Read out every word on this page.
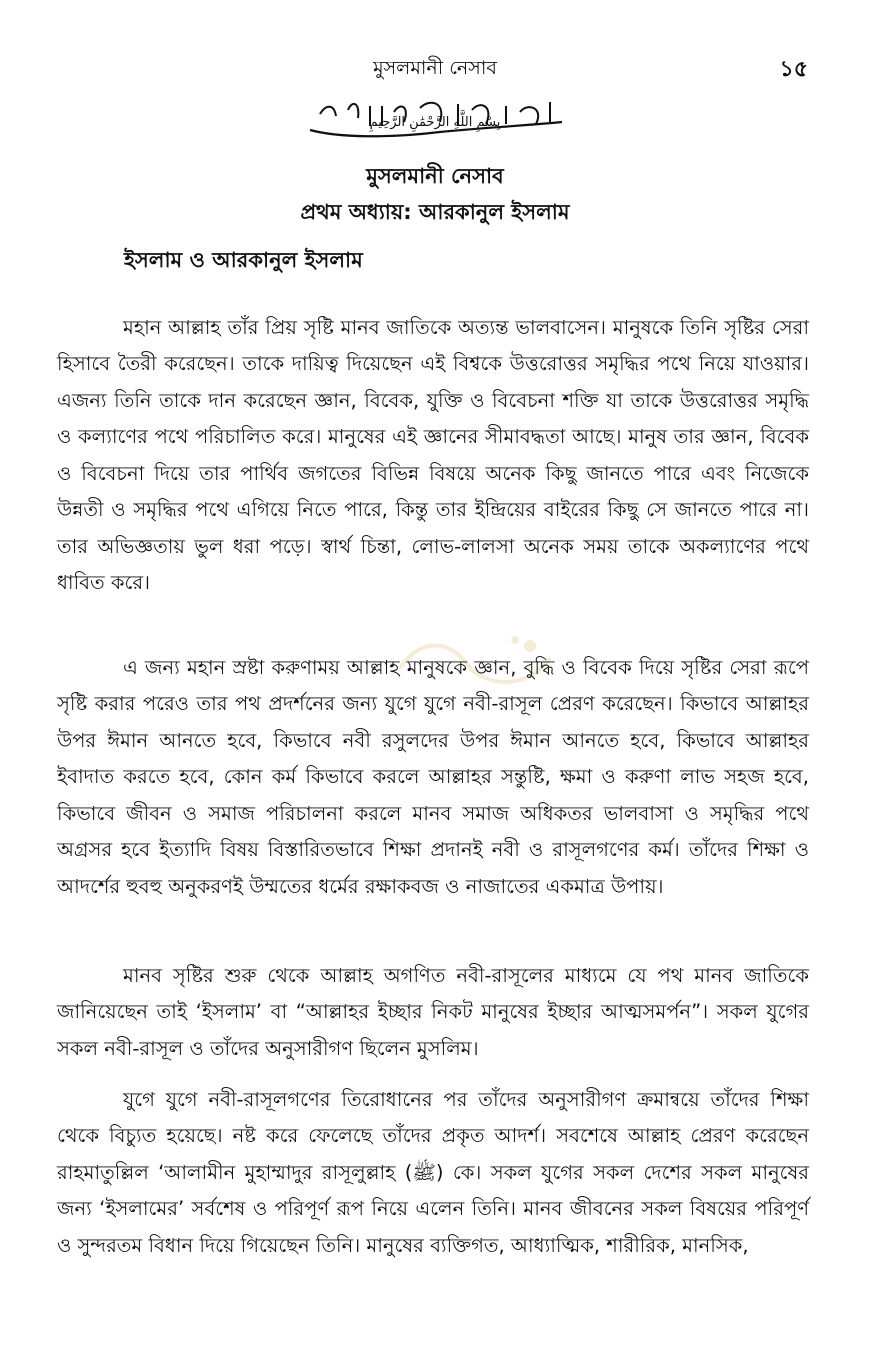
মুসলমানী নেসাব	১৫
بِسْمِ اللَّهِ الرَّحْمَٰنِ الرَّحِيمِ
মুসলমানী নেসাব
প্রথম অধ্যায়: আরকানুল ইসলাম
ইসলাম ও আরকানুল ইসলাম

মহান আল্লাহ তাঁর প্রিয় সৃষ্টি মানব জাতিকে অত্যন্ত ভালবাসেন। মানুষকে তিনি সৃষ্টির সেরা হিসাবে তৈরী করেছেন। তাকে দায়িত্ব দিয়েছেন এই বিশ্বকে উত্তরোত্তর সমৃদ্ধির পথে নিয়ে যাওয়ার। এজন্য তিনি তাকে দান করেছেন জ্ঞান, বিবেক, যুক্তি ও বিবেচনা শক্তি যা তাকে উত্তরোত্তর সমৃদ্ধি ও কল্যাণের পথে পরিচালিত করে। মানুষের এই জ্ঞানের সীমাবদ্ধতা আছে। মানুষ তার জ্ঞান, বিবেক ও বিবেচনা দিয়ে তার পার্থিব জগতের বিভিন্ন বিষয়ে অনেক কিছু জানতে পারে এবং নিজেকে উন্নতী ও সমৃদ্ধির পথে এগিয়ে নিতে পারে, কিন্তু তার ইন্দ্রিয়ের বাইরের কিছু সে জানতে পারে না। তার অভিজ্ঞতায় ভুল ধরা পড়ে। স্বার্থ চিন্তা, লোভ-লালসা অনেক সময় তাকে অকল্যাণের পথে ধাবিত করে।

এ জন্য মহান স্রষ্টা করুণাময় আল্লাহ মানুষকে জ্ঞান, বুদ্ধি ও বিবেক দিয়ে সৃষ্টির সেরা রূপে সৃষ্টি করার পরেও তার পথ প্রদর্শনের জন্য যুগে যুগে নবী-রাসূল প্রেরণ করেছেন। কিভাবে আল্লাহর উপর ঈমান আনতে হবে, কিভাবে নবী রসুলদের উপর ঈমান আনতে হবে, কিভাবে আল্লাহর ইবাদাত করতে হবে, কোন কর্ম কিভাবে করলে আল্লাহর সন্তুষ্টি, ক্ষমা ও করুণা লাভ সহজ হবে, কিভাবে জীবন ও সমাজ পরিচালনা করলে মানব সমাজ অধিকতর ভালবাসা ও সমৃদ্ধির পথে অগ্রসর হবে ইত্যাদি বিষয় বিস্তারিতভাবে শিক্ষা প্রদানই নবী ও রাসূলগণের কর্ম। তাঁদের শিক্ষা ও আদর্শের হুবহু অনুকরণই উম্মতের ধর্মের রক্ষাকবজ ও নাজাতের একমাত্র উপায়।

মানব সৃষ্টির শুরু থেকে আল্লাহ অগণিত নবী-রাসূলের মাধ্যমে যে পথ মানব জাতিকে জানিয়েছেন তাই ‘ইসলাম’ বা “আল্লাহর ইচ্ছার নিকট মানুষের ইচ্ছার আত্মসমর্পন”। সকল যুগের সকল নবী-রাসূল ও তাঁদের অনুসারীগণ ছিলেন মুসলিম।

যুগে যুগে নবী-রাসূলগণের তিরোধানের পর তাঁদের অনুসারীগণ ক্রমান্বয়ে তাঁদের শিক্ষা থেকে বিচ্যুত হয়েছে। নষ্ট করে ফেলেছে তাঁদের প্রকৃত আদর্শ। সবশেষে আল্লাহ প্রেরণ করেছেন রাহমাতুল্লিল ‘আলামীন মুহাম্মাদুর রাসূলুল্লাহ (ﷺ) কে। সকল যুগের সকল দেশের সকল মানুষের জন্য ‘ইসলামের’ সর্বশেষ ও পরিপূর্ণ রূপ নিয়ে এলেন তিনি। মানব জীবনের সকল বিষয়ের পরিপূর্ণ ও সুন্দরতম বিধান দিয়ে গিয়েছেন তিনি। মানুষের ব্যক্তিগত, আধ্যাত্মিক, শারীরিক, মানসিক,
